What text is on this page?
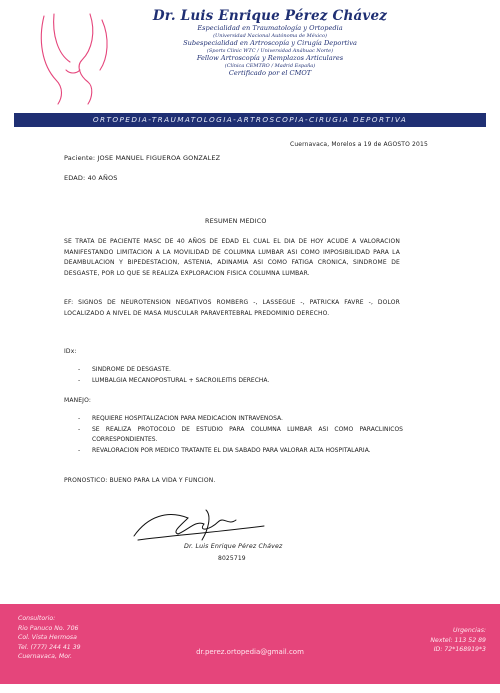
Dr. Luis Enrique Pérez Chávez
Especialidad en Traumatología y Ortopedia
(Universidad Nacional Autónoma de México)
Subespecialidad en Artroscopía y Cirugía Deportiva
(Sports Clinic WTC / Universidad Anáhuac Norte)
Fellow Artroscopía y Remplazos Articulares
(Clínica CEMTRO / Madrid España)
Certificado por el CMOT
ORTOPEDIA-TRAUMATOLOGIA-ARTROSCOPIA-CIRUGIA DEPORTIVA
Cuernavaca, Morelos a 19 de AGOSTO 2015
Paciente: JOSE MANUEL FIGUEROA GONZALEZ
EDAD: 40 AÑOS
RESUMEN MEDICO
SE TRATA DE PACIENTE MASC DE 40 AÑOS DE EDAD EL CUAL EL DIA DE HOY ACUDE A VALORACION MANIFESTANDO LIMITACION A LA MOVILIDAD DE COLUMNA LUMBAR ASI COMO IMPOSIBILIDAD PARA LA DEAMBULACION Y BIPEDESTACION, ASTENIA, ADINAMIA ASI COMO FATIGA CRONICA, SINDROME DE DESGASTE, POR LO QUE SE REALIZA EXPLORACION FISICA COLUMNA LUMBAR.
EF: SIGNOS DE NEUROTENSION NEGATIVOS ROMBERG -, LASSEGUE -, PATRICKA FAVRE -, DOLOR LOCALIZADO A NIVEL DE MASA MUSCULAR PARAVERTEBRAL PREDOMINIO DERECHO.
IDx:
-	SINDROME DE DESGASTE.
-	LUMBALGIA MECANOPOSTURAL + SACROILEITIS DERECHA.
MANEJO:
-	REQUIERE HOSPITALIZACION PARA MEDICACION INTRAVENOSA.
-	SE REALIZA PROTOCOLO DE ESTUDIO PARA COLUMNA LUMBAR ASI COMO PARACLINICOS CORRESPONDIENTES.
-	REVALORACION POR MEDICO TRATANTE EL DIA SABADO PARA VALORAR ALTA HOSPITALARIA.
PRONOSTICO: BUENO PARA LA VIDA Y FUNCION.
Dr. Luis Enrique Pérez Chávez
8025719
Consultorio:
Rio Panuco No. 706
Col. Vista Hermosa
Tel. (777) 244 41 39
Cuernavaca, Mor.
dr.perez.ortopedia@gmail.com
Urgencias:
Nextel: 113 52 89
ID: 72*168919*3
